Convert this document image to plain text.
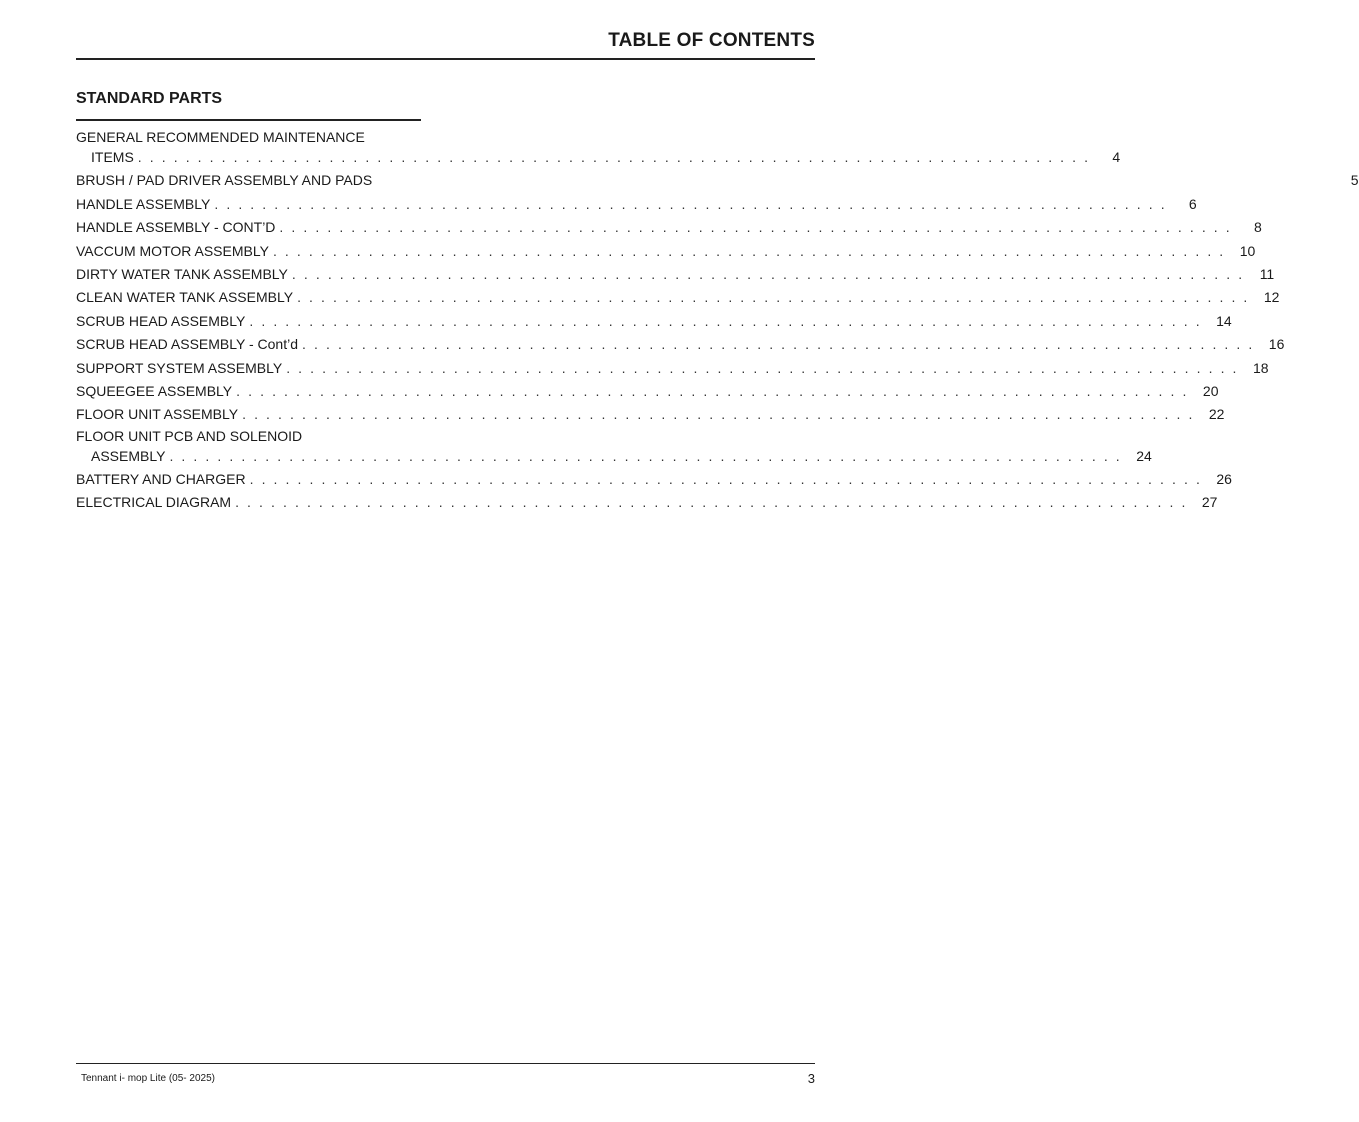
TABLE OF CONTENTS
STANDARD PARTS
GENERAL RECOMMENDED MAINTENANCE
ITEMS . . . . . . . . . . . . . . . . . . . . . . . . . . . . . . . . . . . . . . . . . . . . . . . . . . . . . . . . . . . . . . . . . . . . . . . . . . . . . . . .	4
BRUSH / PAD DRIVER ASSEMBLY AND PADS	5
HANDLE ASSEMBLY . . . . . . . . . . . . . . . . . . . . . . . . . . . . . . . . . . . . . . . . . . . . . . . . . . . . . . . . . . . . . . . . . . . . . . . . . . . . . . . .	6
HANDLE ASSEMBLY - CONT’D . . . . . . . . . . . . . . . . . . . . . . . . . . . . . . . . . . . . . . . . . . . . . . . . . . . . . . . . . . . . . . . . . . . . . . . . . . . . . . . .	8
VACCUM MOTOR ASSEMBLY . . . . . . . . . . . . . . . . . . . . . . . . . . . . . . . . . . . . . . . . . . . . . . . . . . . . . . . . . . . . . . . . . . . . . . . . . . . . . . . .	10
DIRTY WATER TANK ASSEMBLY . . . . . . . . . . . . . . . . . . . . . . . . . . . . . . . . . . . . . . . . . . . . . . . . . . . . . . . . . . . . . . . . . . . . . . . . . . . . . . . .	11
CLEAN WATER TANK ASSEMBLY . . . . . . . . . . . . . . . . . . . . . . . . . . . . . . . . . . . . . . . . . . . . . . . . . . . . . . . . . . . . . . . . . . . . . . . . . . . . . . . .	12
SCRUB HEAD ASSEMBLY . . . . . . . . . . . . . . . . . . . . . . . . . . . . . . . . . . . . . . . . . . . . . . . . . . . . . . . . . . . . . . . . . . . . . . . . . . . . . . . .	14
SCRUB HEAD ASSEMBLY - Cont’d . . . . . . . . . . . . . . . . . . . . . . . . . . . . . . . . . . . . . . . . . . . . . . . . . . . . . . . . . . . . . . . . . . . . . . . . . . . . . . . .	16
SUPPORT SYSTEM ASSEMBLY . . . . . . . . . . . . . . . . . . . . . . . . . . . . . . . . . . . . . . . . . . . . . . . . . . . . . . . . . . . . . . . . . . . . . . . . . . . . . . . .	18
SQUEEGEE ASSEMBLY . . . . . . . . . . . . . . . . . . . . . . . . . . . . . . . . . . . . . . . . . . . . . . . . . . . . . . . . . . . . . . . . . . . . . . . . . . . . . . . .	20
FLOOR UNIT ASSEMBLY . . . . . . . . . . . . . . . . . . . . . . . . . . . . . . . . . . . . . . . . . . . . . . . . . . . . . . . . . . . . . . . . . . . . . . . . . . . . . . . .	22
FLOOR UNIT PCB AND SOLENOID
ASSEMBLY . . . . . . . . . . . . . . . . . . . . . . . . . . . . . . . . . . . . . . . . . . . . . . . . . . . . . . . . . . . . . . . . . . . . . . . . . . . . . . . .	24
BATTERY AND CHARGER . . . . . . . . . . . . . . . . . . . . . . . . . . . . . . . . . . . . . . . . . . . . . . . . . . . . . . . . . . . . . . . . . . . . . . . . . . . . . . . .	26
ELECTRICAL DIAGRAM . . . . . . . . . . . . . . . . . . . . . . . . . . . . . . . . . . . . . . . . . . . . . . . . . . . . . . . . . . . . . . . . . . . . . . . . . . . . . . . .	27
Tennant i- mop Lite (05- 2025)	3
